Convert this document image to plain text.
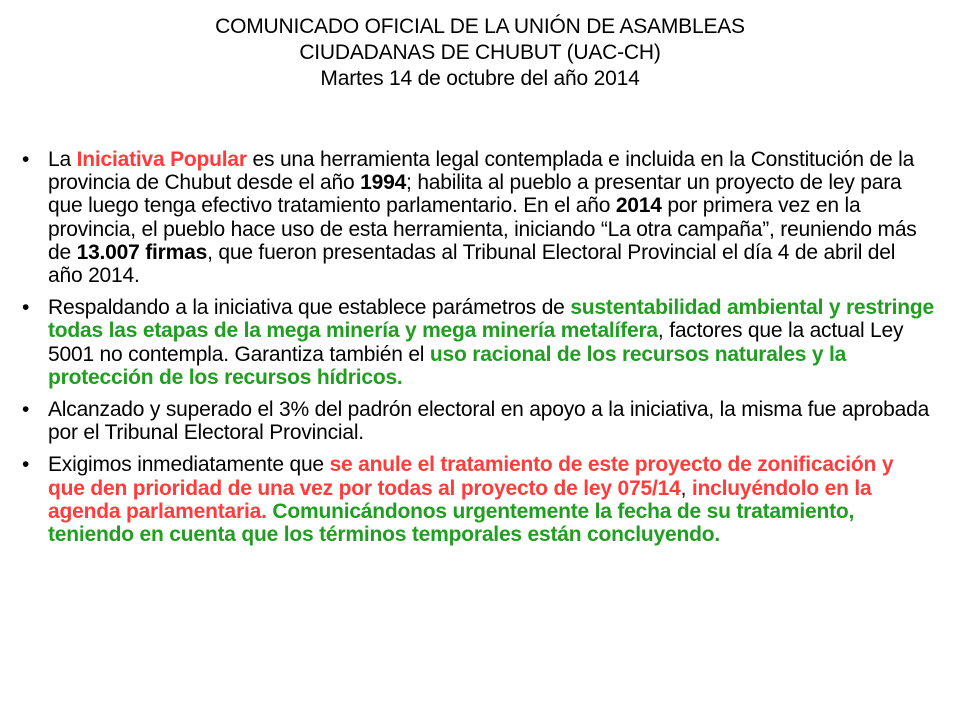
COMUNICADO OFICIAL DE LA UNIÓN DE ASAMBLEAS
CIUDADANAS DE CHUBUT (UAC-CH)
Martes 14 de octubre del año 2014
• La Iniciativa Popular es una herramienta legal contemplada e incluida en la Constitución de la provincia de Chubut desde el año 1994; habilita al pueblo a presentar un proyecto de ley para que luego tenga efectivo tratamiento parlamentario. En el año 2014 por primera vez en la provincia, el pueblo hace uso de esta herramienta, iniciando “La otra campaña”, reuniendo más de 13.007 firmas, que fueron presentadas al Tribunal Electoral Provincial el día 4 de abril del año 2014.
• Respaldando a la iniciativa que establece parámetros de sustentabilidad ambiental y restringe todas las etapas de la mega minería y mega minería metalífera, factores que la actual Ley 5001 no contempla. Garantiza también el uso racional de los recursos naturales y la protección de los recursos hídricos.
• Alcanzado y superado el 3% del padrón electoral en apoyo a la iniciativa, la misma fue aprobada por el Tribunal Electoral Provincial.
• Exigimos inmediatamente que se anule el tratamiento de este proyecto de zonificación y que den prioridad de una vez por todas al proyecto de ley 075/14, incluyéndolo en la agenda parlamentaria. Comunicándonos urgentemente la fecha de su tratamiento, teniendo en cuenta que los términos temporales están concluyendo.
